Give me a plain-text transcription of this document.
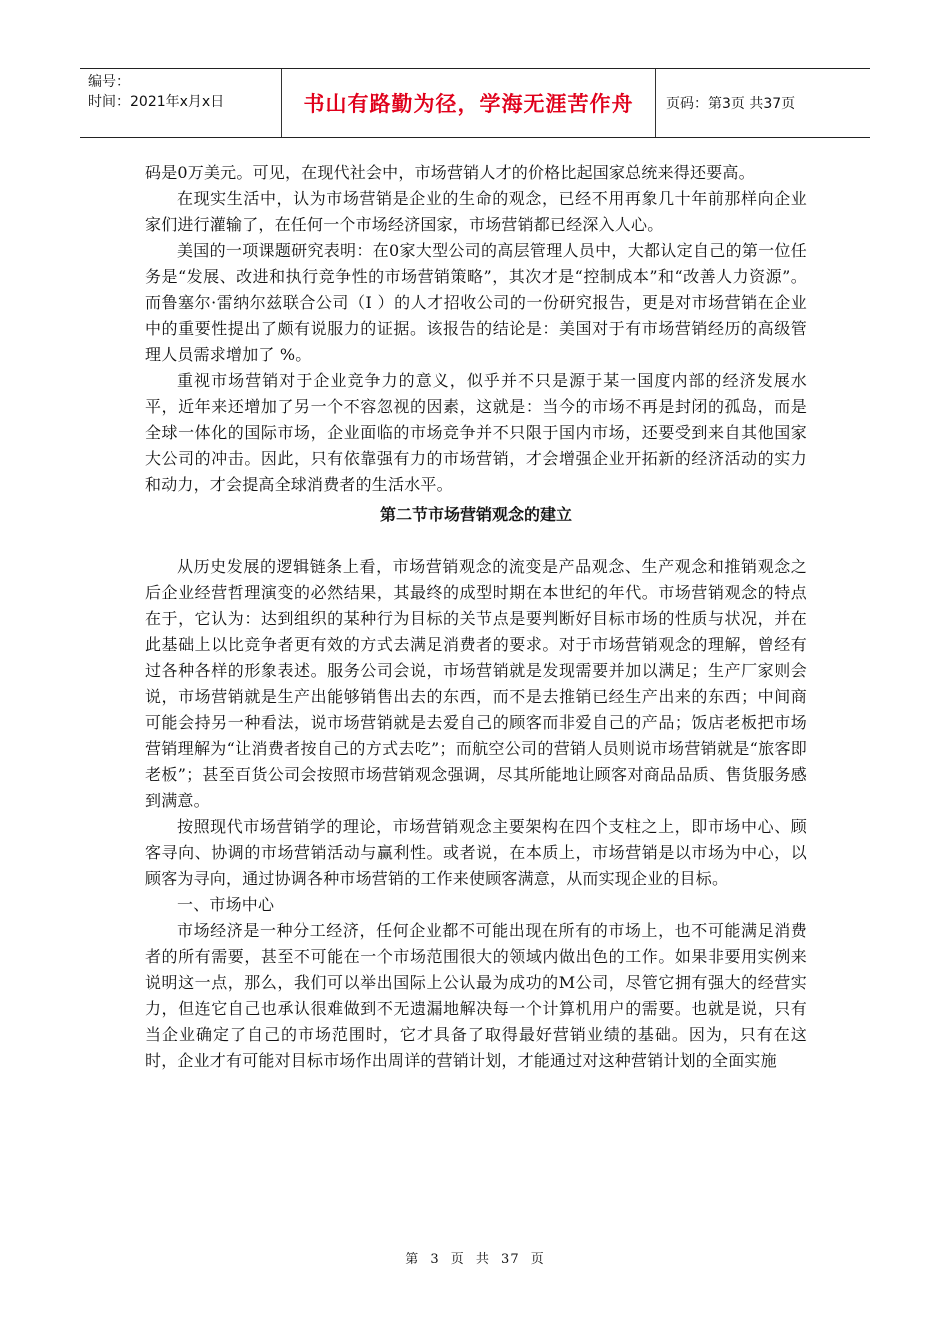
编号：
时间：2021年x月x日	书山有路勤为径，学海无涯苦作舟 页码：第3页 共37页

码是0万美元。可见，在现代社会中，市场营销人才的价格比起国家总统来得还要高。

在现实生活中，认为市场营销是企业的生命的观念，已经不用再象几十年前那样向企业家们进行灌输了，在任何一个市场经济国家，市场营销都已经深入人心。

美国的一项课题研究表明：在0家大型公司的高层管理人员中，大都认定自己的第一位任务是“发展、改进和执行竞争性的市场营销策略”，其次才是“控制成本”和“改善人力资源”。而鲁塞尔·雷纳尔兹联合公司（I ）的人才招收公司的一份研究报告，更是对市场营销在企业中的重要性提出了颇有说服力的证据。该报告的结论是：美国对于有市场营销经历的高级管理人员需求增加了 %。

重视市场营销对于企业竞争力的意义，似乎并不只是源于某一国度内部的经济发展水平，近年来还增加了另一个不容忽视的因素，这就是：当今的市场不再是封闭的孤岛，而是全球一体化的国际市场，企业面临的市场竞争并不只限于国内市场，还要受到来自其他国家大公司的冲击。因此，只有依靠强有力的市场营销，才会增强企业开拓新的经济活动的实力和动力，才会提高全球消费者的生活水平。

第二节市场营销观念的建立

从历史发展的逻辑链条上看，市场营销观念的流变是产品观念、生产观念和推销观念之后企业经营哲理演变的必然结果，其最终的成型时期在本世纪的年代。市场营销观念的特点在于，它认为：达到组织的某种行为目标的关节点是要判断好目标市场的性质与状况，并在此基础上以比竞争者更有效的方式去满足消费者的要求。对于市场营销观念的理解，曾经有过各种各样的形象表述。服务公司会说，市场营销就是发现需要并加以满足；生产厂家则会说，市场营销就是生产出能够销售出去的东西，而不是去推销已经生产出来的东西；中间商可能会持另一种看法，说市场营销就是去爱自己的顾客而非爱自己的产品；饭店老板把市场营销理解为“让消费者按自己的方式去吃”；而航空公司的营销人员则说市场营销就是“旅客即老板”；甚至百货公司会按照市场营销观念强调，尽其所能地让顾客对商品品质、售货服务感到满意。

按照现代市场营销学的理论，市场营销观念主要架构在四个支柱之上，即市场中心、顾客寻向、协调的市场营销活动与赢利性。或者说，在本质上，市场营销是以市场为中心，以顾客为寻向，通过协调各种市场营销的工作来使顾客满意，从而实现企业的目标。

一、市场中心

市场经济是一种分工经济，任何企业都不可能出现在所有的市场上，也不可能满足消费者的所有需要，甚至不可能在一个市场范围很大的领域内做出色的工作。如果非要用实例来说明这一点，那么，我们可以举出国际上公认最为成功的M公司，尽管它拥有强大的经营实力，但连它自己也承认很难做到不无遗漏地解决每一个计算机用户的需要。也就是说，只有当企业确定了自己的市场范围时，它才具备了取得最好营销业绩的基础。因为，只有在这时，企业才有可能对目标市场作出周详的营销计划，才能通过对这种营销计划的全面实施

第 3 页 共 37 页
